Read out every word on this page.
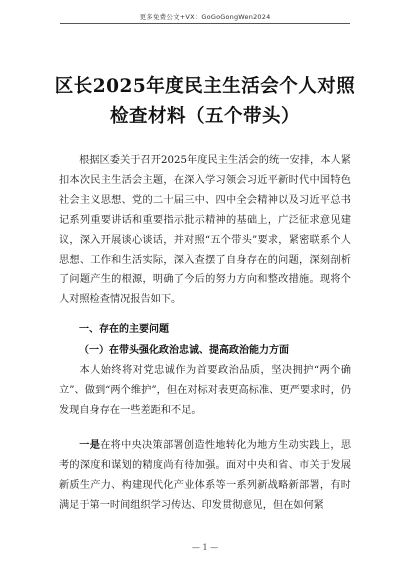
更多免费公文+VX：GoGoGongWen2024
区长2025年度民主生活会个人对照检查材料（五个带头）
根据区委关于召开2025年度民主生活会的统一安排，本人紧扣本次民主生活会主题，在深入学习领会习近平新时代中国特色社会主义思想、党的二十届三中、四中全会精神以及习近平总书记系列重要讲话和重要指示批示精神的基础上，广泛征求意见建议，深入开展谈心谈话，并对照“五个带头”要求，紧密联系个人思想、工作和生活实际，深入查摆了自身存在的问题，深刻剖析了问题产生的根源，明确了今后的努力方向和整改措施。现将个人对照检查情况报告如下。
一、存在的主要问题
（一）在带头强化政治忠诚、提高政治能力方面
本人始终将对党忠诚作为首要政治品质，坚决拥护“两个确立”、做到“两个维护”，但在对标对表更高标准、更严要求时，仍发现自身存在一些差距和不足。
一是在将中央决策部署创造性地转化为地方生动实践上，思考的深度和谋划的精度尚有待加强。面对中央和省、市关于发展新质生产力、构建现代化产业体系等一系列新战略新部署，有时满足于第一时间组织学习传达、印发贯彻意见，但在如何紧
— 1 —
